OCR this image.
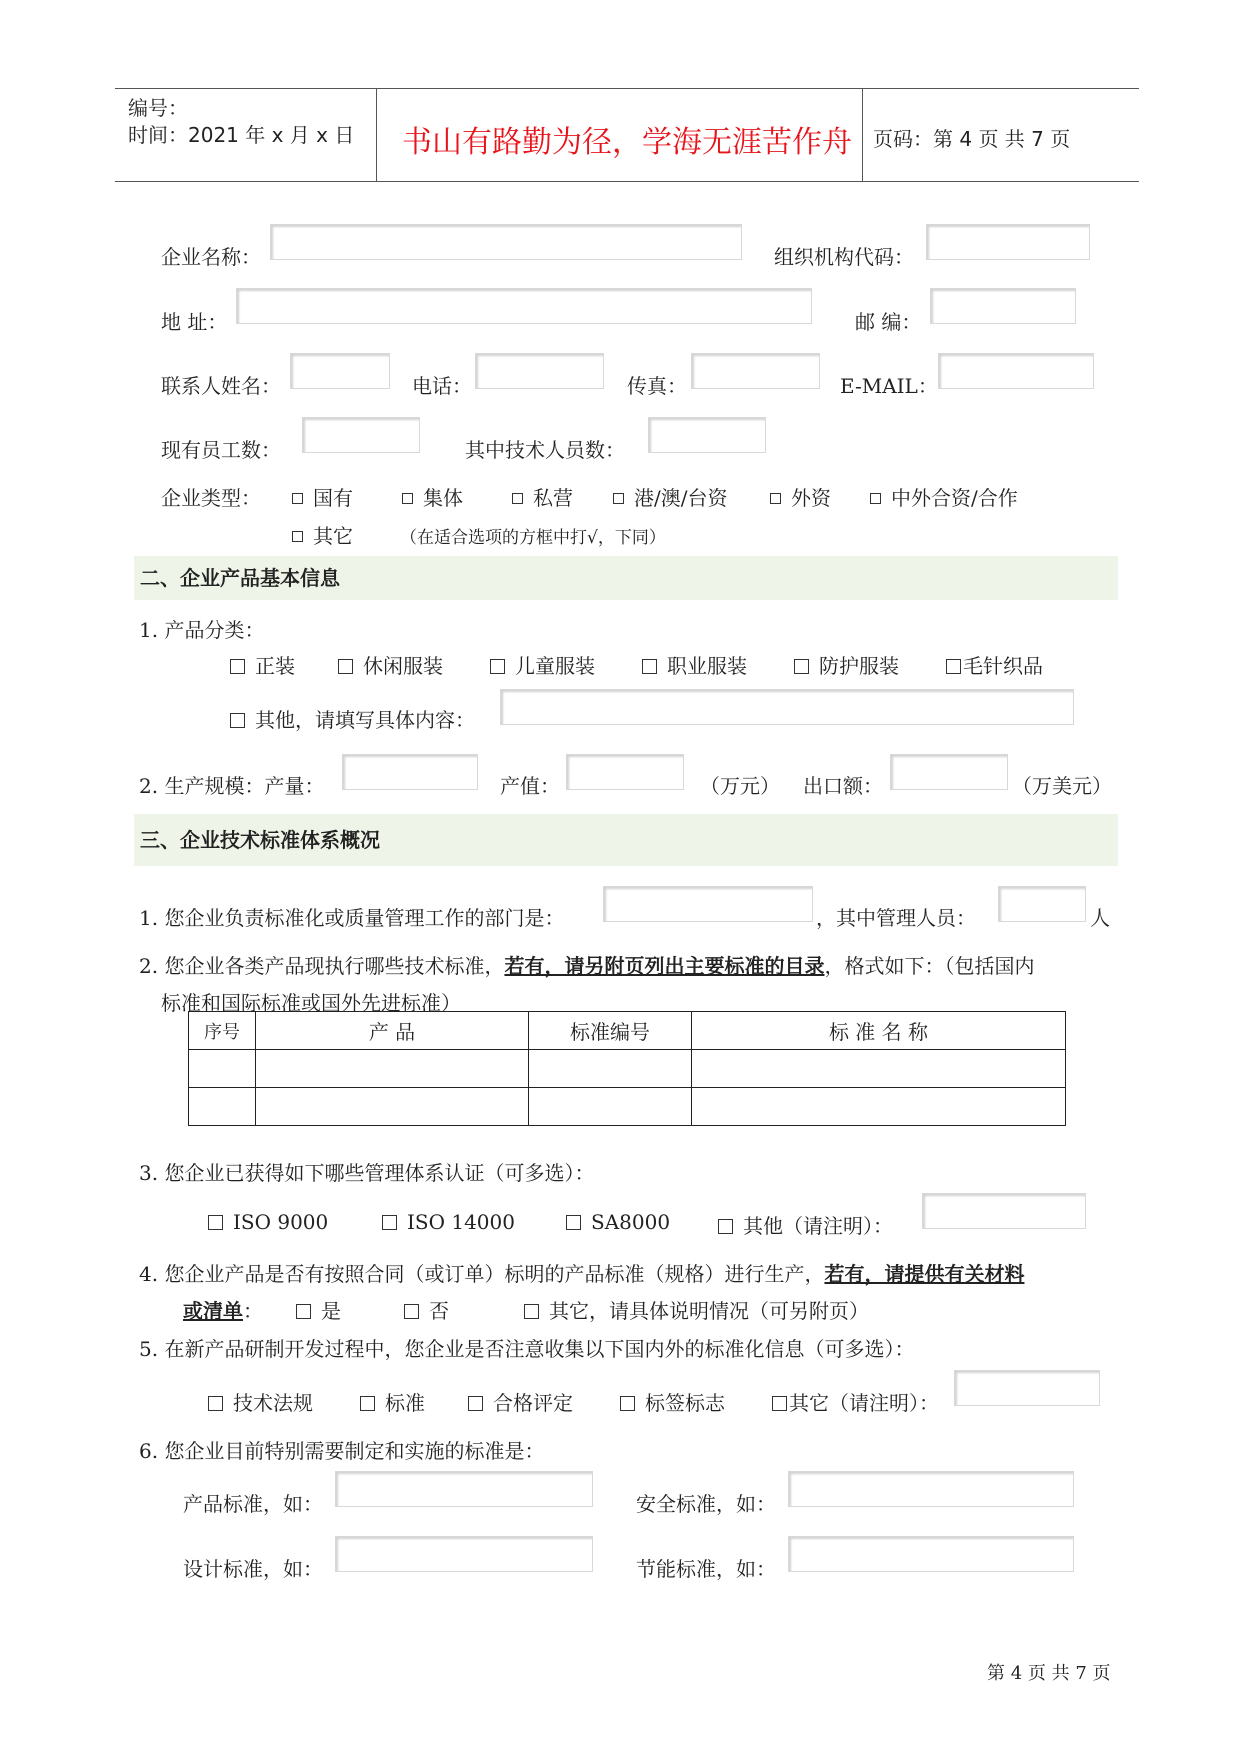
编号：
时间：2021 年 x 月 x 日 书山有路勤为径，学海无涯苦作舟 页码：第 4 页 共 7 页
企业名称：	组织机构代码：
地 址：	邮 编：
联系人姓名：	电话：	传真：	E-MAIL：
现有员工数：	其中技术人员数：
企业类型：	国有	集体	私营	港/澳/台资	外资	中外合资/合作
其它	（在适合选项的方框中打√，下同）
二、企业产品基本信息
1. 产品分类：
正装	休闲服装	儿童服装	职业服装	防护服装	毛针织品
其他，请填写具体内容：
2. 生产规模：产量：	产值：	（万元） 出口额：	（万美元）
三、企业技术标准体系概况
1. 您企业负责标准化或质量管理工作的部门是：	，其中管理人员：	人
2. 您企业各类产品现执行哪些技术标准，若有，请另附页列出主要标准的目录，格式如下：（包括国内
标准和国际标准或国外先进标准）
序号	产 品	标准编号	标 准 名 称

3. 您企业已获得如下哪些管理体系认证（可多选）：
ISO 9000	ISO 14000	SA8000	其他（请注明）：
4. 您企业产品是否有按照合同（或订单）标明的产品标准（规格）进行生产，若有，请提供有关材料
或清单：	是	否	其它，请具体说明情况（可另附页）
5. 在新产品研制开发过程中，您企业是否注意收集以下国内外的标准化信息（可多选）：
技术法规	标准	合格评定	标签标志	其它（请注明）：
6. 您企业目前特别需要制定和实施的标准是：
产品标准，如：	安全标准，如：
设计标准，如：	节能标准，如：
第 4 页 共 7 页
